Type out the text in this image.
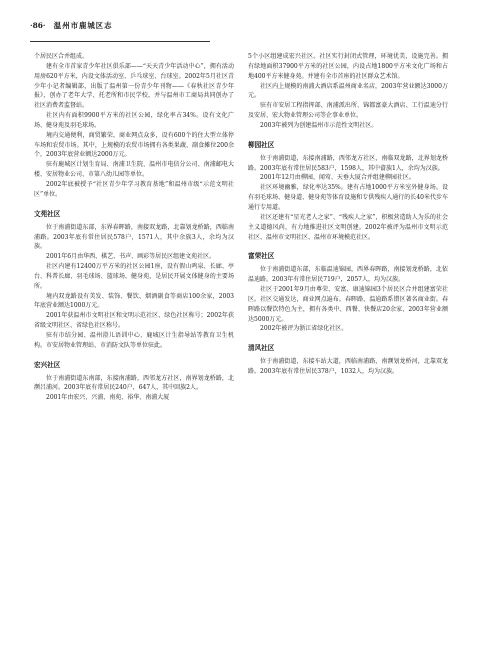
·86· 温州市鹿城区志

个居民区合并组成。

建有全市首家青少年社区俱乐部——“天天青少年活动中心”，拥有活动用房620平方米，内设文体活动室、乒乓球室、台球室。2002年5月社区青少年小记者编辑部，出版了温州第一份青少年刊物——《春秋社区青少年报》，创办了老年大学、托老所和市民学校，并与温州市工商局共同创办了社区消费者监督站。

社区内有面积9900平方米的社区公园，绿化率占34%。设有文化广场、健身苑及羽毛球场。

境内交通便利，商贸繁荣，商业网点众多，设有600个的住大型立体停车场和农贸市场。其中，上规模的农贸市场拥有各类果蔬、副食摊位200余个，2003年底营业额达2000万元。

驻有鹿城区计划生育局、南浦卫生院、温州市电信分公司、南浦邮电大楼、安居物业公司、市第八幼儿园等单位。

2002年底被授予“社区青少年学习教育基地”和温州市级“示范文明社区”单位。

文苑社区

位于南浦街道东部，东界春晖路，南接双龙路，北靠划龙桥路，西临南浦路。2003年底有常住居民578户，1571人，其中余族3人，余均为汉族。

2001年6月由华西、棋艺、书声、画彩等居民区组建文苑社区。

社区内建有12400万平方米的社区公园1座，设有假山鸣泉、长廊、亭台、科普长廊、羽毛球场、篮球场、健身苑，是居民开展文体健身的主要场所。

境内双龙路设有美发、装饰、餐饮、烟酒副食等商店100余家，2003年底营业额达1000万元。

2001年获温州市文明社区和文明示范社区、绿色社区称号；2002年获省级文明社区、省绿色社区称号。

驻有市结分园、温州澄儿语训中心、鹿城区计生指导站等教育卫生机构。市安居物业管理站、市消防文队等单位驻此。

宏兴社区

位于南浦街道东南部，东接南浦路，西邻龙方社区，南界划龙桥路，北濒吕浦河。2003年底有常居民240户，647人，其中回族2人。

2001年由宏兴、兴浦、南苑、裕华、南浦大厦

5个小区组建成宏兴社区。社区实行封闭式管理，环境优美，设施完善。拥有绿地面积37900平方米的社区公园，内设占地1800平方米文化广场和占地400平方米健身苑。并建有全市首座的社区群众艺术馆。

社区内上规模的南浦大酒店系温州商业名店，2003年营业额达3000万元。

驻有市安居工程指挥部、南浦派出所、锦都富豪大酒店、工行温迪分行及安居、宏大物业管理公司等企事业单位。

2003年被列为创建温州市示范性文明社区。

柳园社区

位于南浦街道，东接南浦路，西邻龙方社区，南临双龙路，北界划龙桥路。2003年底有常住居民583户，1598人，其中畲族1人，余均为汉族。

2001年12月由柳园、闻莺、天垂大厦合并组建柳园社区。

社区环境幽雅，绿化率达35%。建有占地1000平方米室外健身场。设有羽毛球场、健身道、健身苑等体育设施和专供残疾人通行的长40米代步车通行专用道。

社区还建有“星光老人之家”、“残疾人之家”，积极营造助人为乐的社会主义道德风尚，有力地推进社区文明创建。2002年被评为温州市文明示范社区、温州市文明社区、温州市环境模范社区。

富荣社区

位于南浦街道东部，东临温迪锦园，西界春晖路，南接划龙桥路，北依温迪路。2003年有常住居民719户，2057人，均为汉族。

社区于2001年9月由尊荣、安富、康迪锦园3个居民区合并组建富荣社区。社区交通发达，商业网点遍布。春晖路、温迪路系错区著名商业街。春晖路以餐饮特色为主，拥有各类中、西餐、快餐店20余家，2003年营业额达5000万元。

2002年被评为浙江省绿化社区。

清风社区

位于南浦街道，东接车站大道，西临南浦路，南濒划龙桥河，北靠双龙路。2003年底有常住居民378户，1032人，均为汉族。
